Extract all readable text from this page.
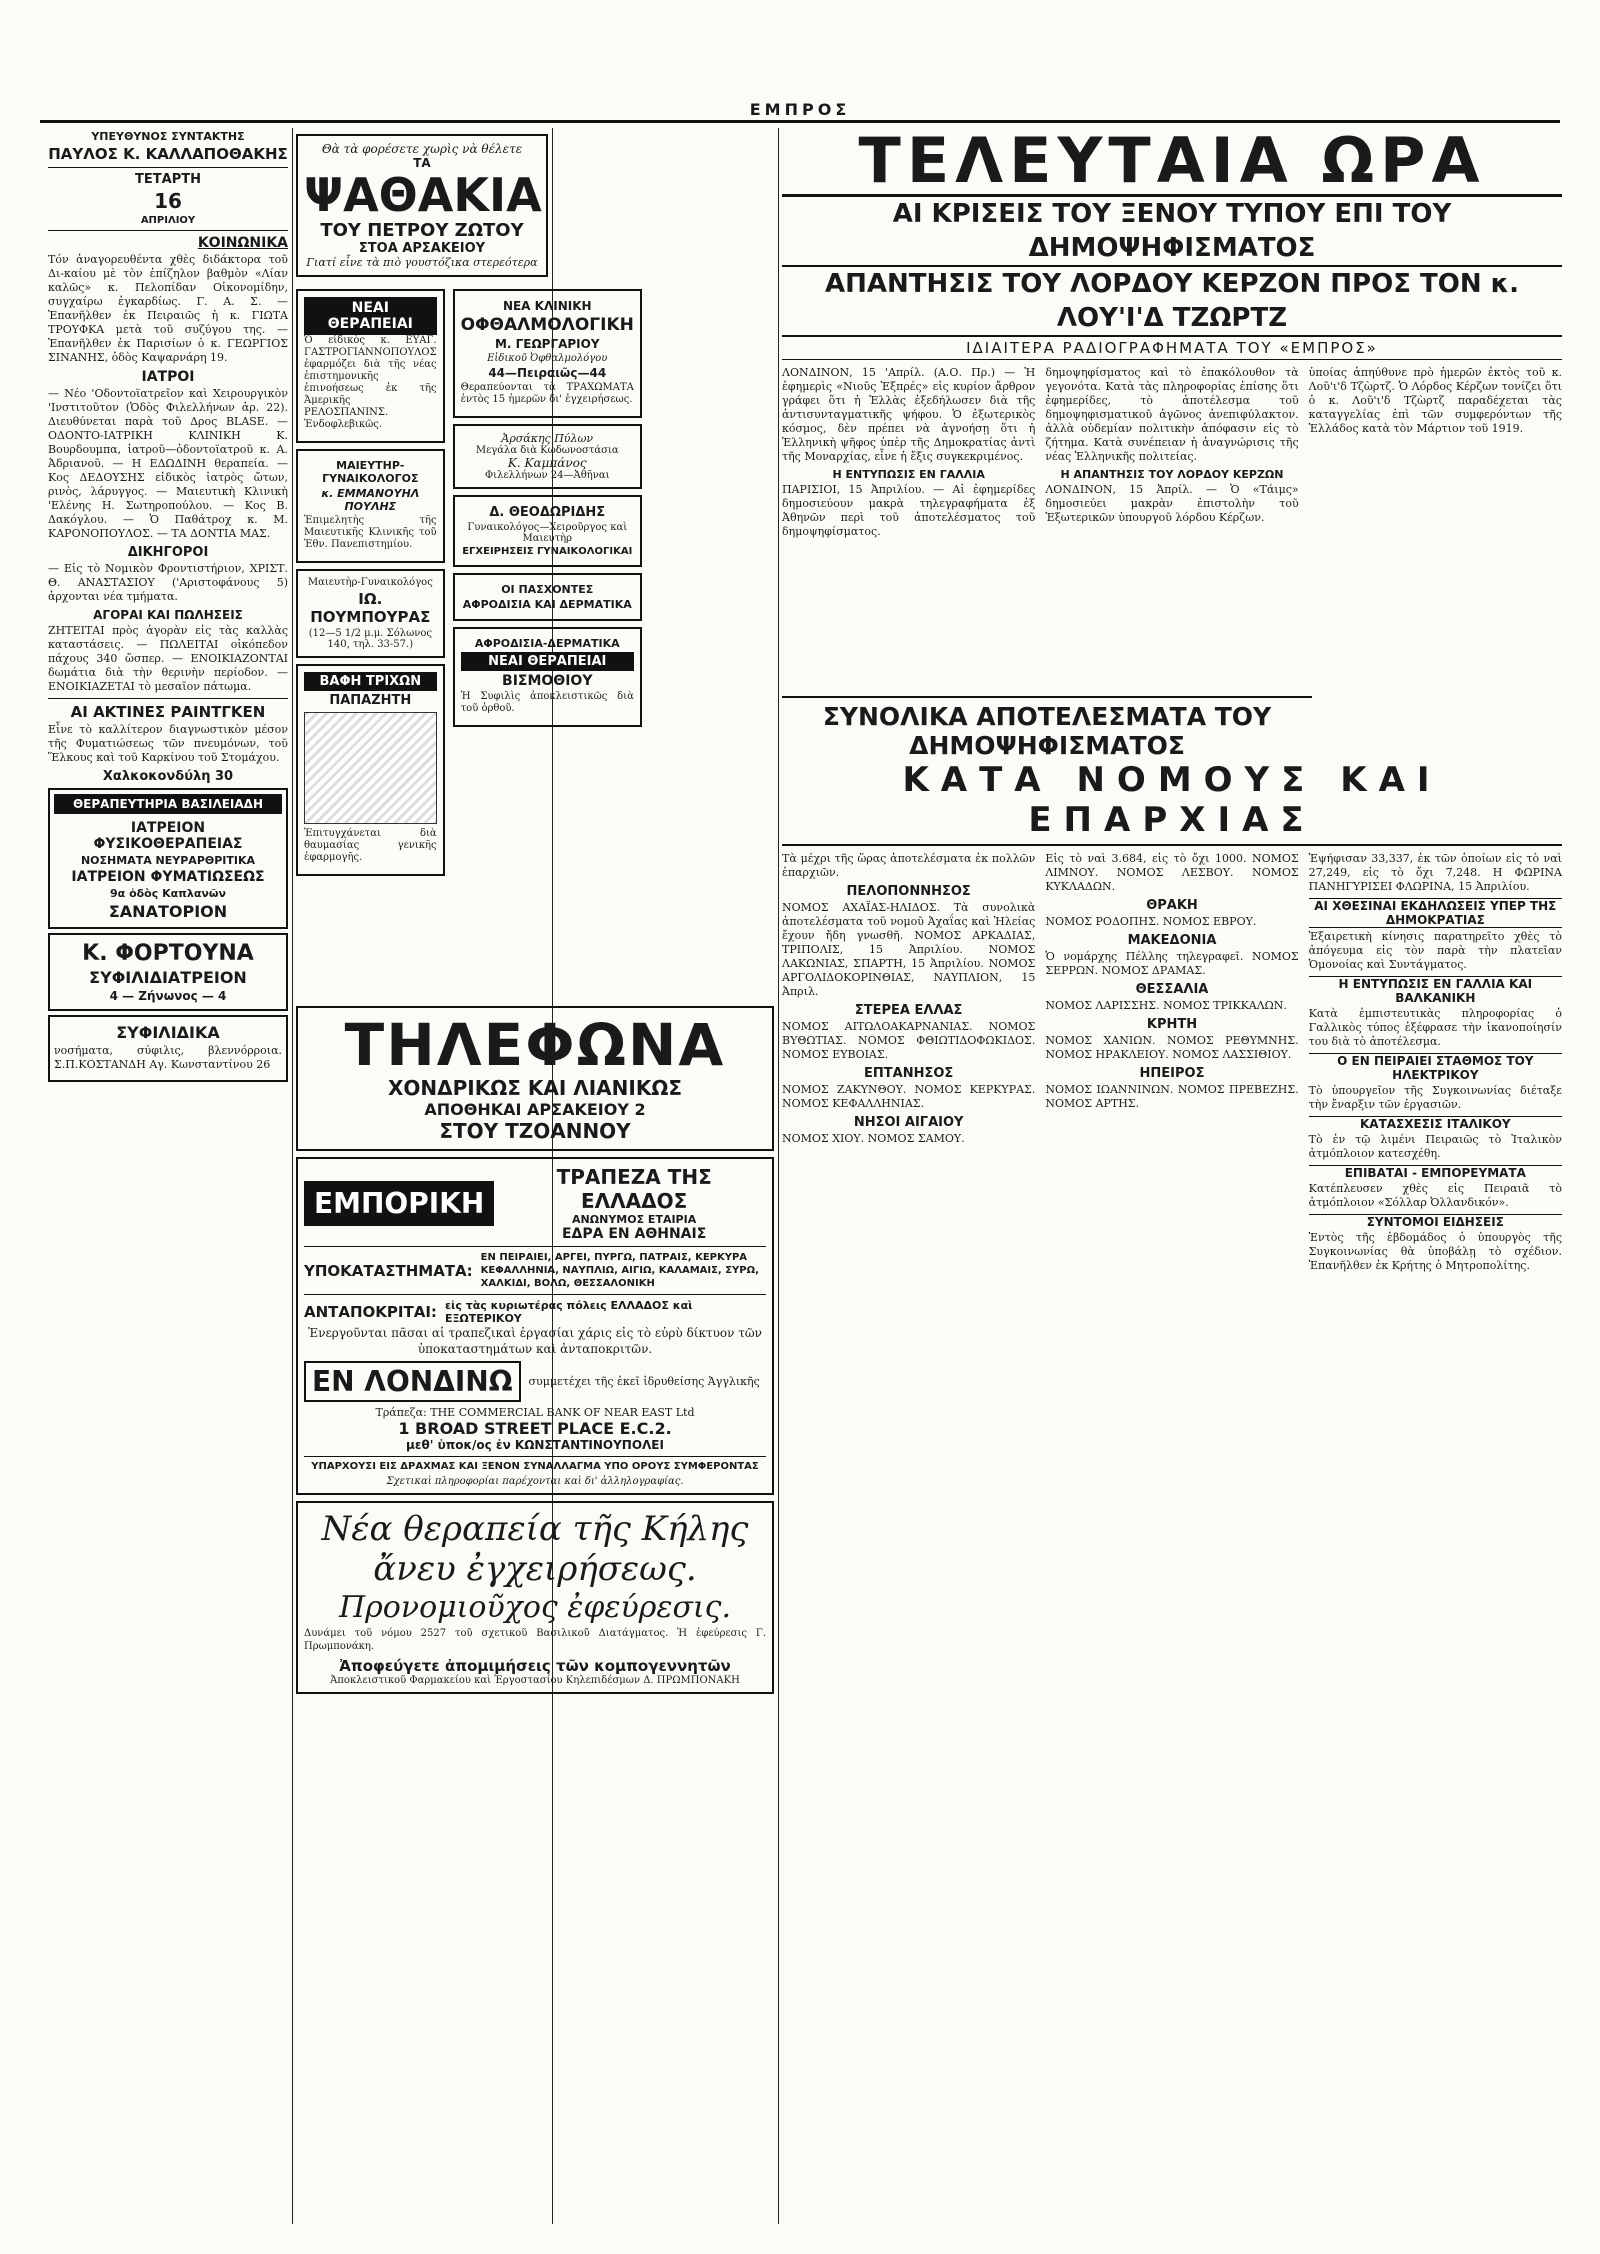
ΕΜΠΡΟΣ
ΥΠΕΥΘΥΝΟΣ ΣΥΝΤΑΚΤΗΣ
ΠΑΥΛΟΣ Κ. ΚΑΛΛΑΠΟΘΑΚΗΣ
ΤΕΤΑΡΤΗ
16
ΑΠΡΙΛΙΟΥ
ΚΟΙΝΩΝΙΚΑ

Τόν ἀναγορευθέντα χθὲς διδάκτορα τοῦ Δι-καίου μὲ τὸν ἐπίζηλον βαθμὸν «Λίαν καλῶς» κ. Πελοπίδαν Οἰκονομίδην, συγχαίρω ἐγκαρδίως. Γ. Α. Σ. — Ἐπανῆλθεν ἐκ Πειραιῶς ἡ κ. ΓΙΩΤΑ ΤΡΟΥΦΚΑ μετὰ τοῦ συζύγου της. — Ἐπανῆλθεν ἐκ Παρισίων ὁ κ. ΓΕΩΡΓΙΟΣ ΣΙΝΑΝΗΣ, ὁδὸς Καψαρνάρη 19.

ΙΑΤΡΟΙ

— Νέο 'Οδοντοϊατρεῖον καὶ Χειρουργικὸν 'Ινστιτοῦτον (Ὁδὸς Φιλελλήνων ἀρ. 22). Διευθύνεται παρὰ τοῦ Δρος BLASE. — ΟΔΟΝΤΟ-ΙΑΤΡΙΚΗ ΚΛΙΝΙΚΗ Κ. Βουρδουμπα, ἰατροῦ—ὀδοντοϊατροῦ κ. Α. Ἀδριανοῦ. — Η ΕΔΩΔΙΝΗ θεραπεία. — Κος ΔΕΔΟΥΣΗΣ εἰδικὸς ἰατρὸς ὤτων, ρινὸς, λάρυγγος. — Μαιευτικὴ Κλινικὴ 'Ελένης Η. Σωτηροπούλου. — Κος Β. Δακόγλου. — Ὁ Παθάτροχ κ. Μ. ΚΑΡΟΝΟΠΟΥΛΟΣ. — ΤΑ ΔΟΝΤΙΑ ΜΑΣ.

ΔΙΚΗΓΟΡΟΙ

— Εἰς τὸ Νομικὸν Φροντιστήριον, ΧΡΙΣΤ. Θ. ΑΝΑΣΤΑΣΙΟΥ ('Αριστοφάνους 5) ἀρχονται νέα τμήματα.

ΑΓΟΡΑΙ ΚΑΙ ΠΩΛΗΣΕΙΣ

ΖΗΤΕΙΤΑΙ πρὸς ἀγορὰν εἰς τὰς καλλὰς καταστάσεις. — ΠΩΛΕΙΤΑΙ οἰκόπεδον πάχους 340 ὥσπερ. — ΕΝΟΙΚΙΑΖΟΝΤΑΙ δωμάτια διὰ τὴν θερινὴν περίοδον. — ΕΝΟΙΚΙΑΖΕΤΑΙ τὸ μεσαῖον πάτωμα.

ΑΙ ΑΚΤΙΝΕΣ ΡΑΙΝΤΓΚΕΝ

Εἶνε τὸ καλλίτερον διαγνωστικὸν μέσον τῆς Φυματιώσεως τῶν πνευμόνων, τοῦ Ἕλκους καὶ τοῦ Καρκίνου τοῦ Στομάχου.

Χαλκοκονδύλη 30
ΘΕΡΑΠΕΥΤΗΡΙΑ ΒΑΣΙΛΕΙΑΔΗ
ΙΑΤΡΕΙΟΝ ΦΥΣΙΚΟΘΕΡΑΠΕΙΑΣ
ΝΟΣΗΜΑΤΑ ΝΕΥΡΑΡΘΡΙΤΙΚΑ
ΙΑΤΡΕΙΟΝ ΦΥΜΑΤΙΩΣΕΩΣ
9α ὁδὸς Καπλανῶν
ΣΑΝΑΤΟΡΙΟΝ
Κ. ΦΟΡΤΟΥΝΑ
ΣΥΦΙΛΙΔΙΑΤΡΕΙΟΝ
4 — Ζήνωνος — 4
ΣΥΦΙΛΙΔΙΚΑ

νοσήματα, σύφιλις, βλεννόρροια. Σ.Π.ΚΟΣΤΑΝΔΗ Αγ. Κωνσταντίνου 26

Θὰ τὰ φορέσετε χωρὶς νὰ θέλετε
ΤΑ
ΨΑΘΑΚΙΑ
ΤΟΥ ΠΕΤΡΟΥ ΖΩΤΟΥ
ΣΤΟΑ ΑΡΣΑΚΕΙΟΥ
Γιατί εἶνε τὰ πιὸ γουστόζικα στερεότερα
ΝΕΑΙ ΘΕΡΑΠΕΙΑΙ

Ὁ εἰδικὸς κ. ΕΥΑΓ. ΓΑΣΤΡΟΓΙΑΝΝΟΠΟΥΛΟΣ ἐφαρμόζει διὰ τῆς νέας ἐπιστημονικῆς ἐπινοήσεως ἐκ τῆς Ἀμερικῆς ΡΕΛΟΣΠΑΝΙΝΣ. Ἐνδοφλεβικῶς.

ΜΑΙΕΥΤΗΡ-ΓΥΝΑΙΚΟΛΟΓΟΣ
κ. ΕΜΜΑΝΟΥΗΛ ΠΟΥΛΗΣ

Ἐπιμελητὴς τῆς Μαιευτικῆς Κλινικῆς τοῦ Ἐθν. Πανεπιστημίου.

Μαιευτὴρ-Γυναικολόγος
ΙΩ. ΠΟΥΜΠΟΥΡΑΣ
(12—5 1/2 μ.μ. Σόλωνος 140, τηλ. 33-57.)
ΒΑΦΗ ΤΡΙΧΩΝ
ΠΑΠΑΖΗΤΗ

Ἐπιτυγχάνεται διὰ θαυμασίας γενικῆς ἐφαρμογῆς.

ΝΕΑ ΚΛΙΝΙΚΗ
ΟΦΘΑΛΜΟΛΟΓΙΚΗ
Μ. ΓΕΩΡΓΑΡΙΟΥ
Εἰδικοῦ Ὀφθαλμολόγου
44—Πειραιῶς—44

Θεραπεύονται τὰ ΤΡΑΧΩΜΑΤΑ ἐντὸς 15 ἡμερῶν δι' ἐγχειρήσεως.

Ἀρσάκης Πύλων
Μεγάλα διὰ Κωδωνοστάσια
Κ. Καμπάνος
Φιλελλήνων 24—Ἀθῆναι
Δ. ΘΕΟΔΩΡΙΔΗΣ
Γυναικολόγος—Χειροῦργος καὶ Μαιευτὴρ
ΕΓΧΕΙΡΗΣΕΙΣ ΓΥΝΑΙΚΟΛΟΓΙΚΑΙ
ΟΙ ΠΑΣΧΟΝΤΕΣ
ΑΦΡΟΔΙΣΙΑ ΚΑΙ ΔΕΡΜΑΤΙΚΑ
ΑΦΡΟΔΙΣΙΑ-ΔΕΡΜΑΤΙΚΑ
ΝΕΑΙ ΘΕΡΑΠΕΙΑΙ
ΒΙΣΜΟΘΙΟΥ

Ἡ Συφιλὶς ἀποκλειστικῶς διὰ τοῦ ὀρθοῦ.

ΤΗΛΕΦΩΝΑ
ΧΟΝΔΡΙΚΩΣ ΚΑΙ ΛΙΑΝΙΚΩΣ
ΑΠΟΘΗΚΑΙ ΑΡΣΑΚΕΙΟΥ 2
ΣΤΟΥ ΤΖΟΑΝΝΟΥ
ΕΜΠΟΡΙΚΗ
ΤΡΑΠΕΖΑ ΤΗΣ ΕΛΛΑΔΟΣ
ΑΝΩΝΥΜΟΣ ΕΤΑΙΡΙΑ
ΕΔΡΑ ΕΝ ΑΘΗΝΑΙΣ
ΥΠΟΚΑΤΑΣΤΗΜΑΤΑ:
ΕΝ ΠΕΙΡΑΙΕΙ, ΑΡΓΕΙ, ΠΥΡΓΩ, ΠΑΤΡΑΙΣ, ΚΕΡΚΥΡΑ ΚΕΦΑΛΛΗΝΙΑ, ΝΑΥΠΛΙΩ, ΑΙΓΙΩ, ΚΑΛΑΜΑΙΣ, ΣΥΡΩ, ΧΑΛΚΙΔΙ, ΒΟΛΩ, ΘΕΣΣΑΛΟΝΙΚΗ
ΑΝΤΑΠΟΚΡΙΤΑΙ: εἰς τὰς κυριωτέρας πόλεις ΕΛΛΑΔΟΣ καὶ ΕΞΩΤΕΡΙΚΟΥ

Ἐνεργοῦνται πᾶσαι αἱ τραπεζικαὶ ἐργασίαι χάρις εἰς τὸ εὐρὺ δίκτυον τῶν ὑποκαταστημάτων καὶ ἀνταποκριτῶν.

ΕΝ ΛΟΝΔΙΝΩ	συμμετέχει τῆς ἐκεῖ ἱδρυθείσης Ἀγγλικῆς
Τράπεζα: THE COMMERCIAL BANK OF NEAR EAST Ltd
1 BROAD STREET PLACE E.C.2.
μεθ' ὑποκ/ος ἐν ΚΩΝΣΤΑΝΤΙΝΟΥΠΟΛΕΙ
ΥΠΑΡΧΟΥΣΙ ΕΙΣ ΔΡΑΧΜΑΣ ΚΑΙ ΞΕΝΟΝ ΣΥΝΑΛΛΑΓΜΑ ΥΠΟ ΟΡΟΥΣ ΣΥΜΦΕΡΟΝΤΑΣ
Σχετικαὶ πληροφορίαι παρέχονται καὶ δι' ἀλληλογραφίας.
Νέα θεραπεία τῆς Κήλης
ἄνευ ἐγχειρήσεως.
Προνομιοῦχος ἐφεύρεσις.

Δυνάμει τοῦ νόμου 2527 τοῦ σχετικοῦ Βασιλικοῦ Διατάγματος. Ἡ ἐφεύρεσις Γ. Πρωμπονάκη.

Ἀποφεύγετε ἀπομιμήσεις τῶν κομπογεννητῶν
Ἀποκλειστικοῦ Φαρμακείου καὶ Ἐργοστασίου Κηλεπιδέσμων Δ. ΠΡΩΜΠΟΝΑΚΗ
ΤΕΛΕΥΤΑΙΑ ΩΡΑ
ΑΙ ΚΡΙΣΕΙΣ ΤΟΥ ΞΕΝΟΥ ΤΥΠΟΥ ΕΠΙ ΤΟΥ ΔΗΜΟΨΗΦΙΣΜΑΤΟΣ
ΑΠΑΝΤΗΣΙΣ ΤΟΥ ΛΟΡΔΟΥ ΚΕΡΖΟΝ ΠΡΟΣ ΤΟΝ κ. ΛΟΥ'Ι'Δ ΤΖΩΡΤΖ
ΙΔΙΑΙΤΕΡΑ ΡΑΔΙΟΓΡΑΦΗΜΑΤΑ ΤΟΥ «ΕΜΠΡΟΣ»

ΛΟΝΔΙΝΟΝ, 15 'Απρίλ. (Α.Ο. Πρ.) — Ἡ ἐφημερὶς «Νιοῦς Ἐξπρές» εἰς κυρίον ἄρθρον γράφει ὅτι ἡ Ἑλλὰς ἐξεδήλωσεν διὰ τῆς ἀντισυνταγματικῆς ψήφου. Ὁ ἐξωτερικὸς κόσμος, δὲν πρέπει νὰ ἀγνοήσῃ ὅτι ἡ Ἑλληνικὴ ψῆφος ὑπὲρ τῆς Δημοκρατίας ἀντὶ τῆς Μοναρχίας, εἶνε ἡ ἔξις συγκεκριμένος.

Η ΕΝΤΥΠΩΣΙΣ ΕΝ ΓΑΛΛΙΑ

ΠΑΡΙΣΙΟΙ, 15 Ἀπριλίου. — Αἱ ἐφημερίδες δημοσιεύουν μακρὰ τηλεγραφήματα ἐξ Ἀθηνῶν περὶ τοῦ ἀποτελέσματος τοῦ δημοψηφίσματος.

δημοψηφίσματος καὶ τὸ ἐπακόλουθον τὰ γεγονότα. Κατὰ τὰς πληροφορίας ἐπίσης ὅτι ἐφημερίδες, τὸ ἀποτέλεσμα τοῦ δημοψηφισματικοῦ ἀγῶνος ἀνεπιφύλακτον. ἀλλὰ οὐδεμίαν πολιτικὴν ἀπόφασιν εἰς τὸ ζήτημα. Κατὰ συνέπειαν ἡ ἀναγνώρισις τῆς νέας Ἑλληνικῆς πολιτείας.

Η ΑΠΑΝΤΗΣΙΣ ΤΟΥ ΛΟΡΔΟΥ ΚΕΡΖΩΝ

ΛΟΝΔΙΝΟΝ, 15 Ἀπρίλ. — Ὁ «Τάιμς» δημοσιεύει μακρὰν ἐπιστολὴν τοῦ Ἐξωτερικῶν ὑπουργοῦ λόρδου Κέρζων.

ὑποίας ἀπηύθυνε πρὸ ἡμερῶν ἐκτὸς τοῦ κ. Λοῦ'ι'δ Τζὼρτζ. Ὁ Λόρδος Κέρζων τονίζει ὅτι ὁ κ. Λοῦ'ι'δ Τζὼρτζ παραδέχεται τὰς καταγγελίας ἐπὶ τῶν συμφερόντων τῆς Ἑλλάδος κατὰ τὸν Μάρτιον τοῦ 1919.

ΣΥΝΟΛΙΚΑ ΑΠΟΤΕΛΕΣΜΑΤΑ ΤΟΥ ΔΗΜΟΨΗΦΙΣΜΑΤΟΣ
ΚΑΤΑ ΝΟΜΟΥΣ ΚΑΙ ΕΠΑΡΧΙΑΣ

Τὰ μέχρι τῆς ὥρας ἀποτελέσματα ἐκ πολλῶν ἐπαρχιῶν.

ΠΕΛΟΠΟΝΝΗΣΟΣ

ΝΟΜΟΣ ΑΧΑΪΑΣ-ΗΛΙΔΟΣ. Τὰ συνολικὰ ἀποτελέσματα τοῦ νομοῦ Ἀχαΐας καὶ Ἠλείας ἔχουν ἤδη γνωσθῆ. ΝΟΜΟΣ ΑΡΚΑΔΙΑΣ, ΤΡΙΠΟΛΙΣ, 15 Ἀπριλίου. ΝΟΜΟΣ ΛΑΚΩΝΙΑΣ, ΣΠΑΡΤΗ, 15 Ἀπριλίου. ΝΟΜΟΣ ΑΡΓΟΛΙΔΟΚΟΡΙΝΘΙΑΣ, ΝΑΥΠΛΙΟΝ, 15 Ἀπριλ.

ΣΤΕΡΕΑ ΕΛΛΑΣ

ΝΟΜΟΣ ΑΙΤΩΛΟΑΚΑΡΝΑΝΙΑΣ. ΝΟΜΟΣ ΒΥΘΩΤΙΑΣ. ΝΟΜΟΣ ΦΘΙΩΤΙΔΟΦΩΚΙΔΟΣ. ΝΟΜΟΣ ΕΥΒΟΙΑΣ.

ΕΠΤΑΝΗΣΟΣ

ΝΟΜΟΣ ΖΑΚΥΝΘΟΥ. ΝΟΜΟΣ ΚΕΡΚΥΡΑΣ. ΝΟΜΟΣ ΚΕΦΑΛΛΗΝΙΑΣ.

ΝΗΣΟΙ ΑΙΓΑΙΟΥ

ΝΟΜΟΣ ΧΙΟΥ. ΝΟΜΟΣ ΣΑΜΟΥ.

Εἰς τὸ ναὶ 3.684, εἰς τὸ ὄχι 1000. ΝΟΜΟΣ ΛΙΜΝΟΥ. ΝΟΜΟΣ ΛΕΣΒΟΥ. ΝΟΜΟΣ ΚΥΚΛΑΔΩΝ.

ΘΡΑΚΗ

ΝΟΜΟΣ ΡΟΔΟΠΗΣ. ΝΟΜΟΣ ΕΒΡΟΥ.

ΜΑΚΕΔΟΝΙΑ

Ὁ νομάρχης Πέλλης τηλεγραφεῖ. ΝΟΜΟΣ ΣΕΡΡΩΝ. ΝΟΜΟΣ ΔΡΑΜΑΣ.

ΘΕΣΣΑΛΙΑ

ΝΟΜΟΣ ΛΑΡΙΣΣΗΣ. ΝΟΜΟΣ ΤΡΙΚΚΑΛΩΝ.

ΚΡΗΤΗ

ΝΟΜΟΣ ΧΑΝΙΩΝ. ΝΟΜΟΣ ΡΕΘΥΜΝΗΣ. ΝΟΜΟΣ ΗΡΑΚΛΕΙΟΥ. ΝΟΜΟΣ ΛΑΣΣΙΘΙΟΥ.

ΗΠΕΙΡΟΣ

ΝΟΜΟΣ ΙΩΑΝΝΙΝΩΝ. ΝΟΜΟΣ ΠΡΕΒΕΖΗΣ. ΝΟΜΟΣ ΑΡΤΗΣ.

Ἐψήφισαν 33,337, ἐκ τῶν ὁποίων εἰς τὸ ναὶ 27,249, εἰς τὸ ὄχι 7,248. Η ΦΩΡΙΝΑ ΠΑΝΗΓΥΡΙΣΕΙ ΦΛΩΡΙΝΑ, 15 Ἀπριλίου.

ΑΙ ΧΘΕΣΙΝΑΙ ΕΚΔΗΛΩΣΕΙΣ ΥΠΕΡ ΤΗΣ ΔΗΜΟΚΡΑΤΙΑΣ

Ἐξαιρετικὴ κίνησις παρατηρεῖτο χθὲς τὸ ἀπόγευμα εἰς τὸν παρὰ τὴν πλατεῖαν Ὁμονοίας καὶ Συντάγματος.

Η ΕΝΤΥΠΩΣΙΣ ΕΝ ΓΑΛΛΙΑ ΚΑΙ ΒΑΛΚΑΝΙΚΗ

Κατὰ ἐμπιστευτικὰς πληροφορίας ὁ Γαλλικὸς τύπος ἐξέφρασε τὴν ἱκανοποίησίν του διὰ τὸ ἀποτέλεσμα.

Ο ΕΝ ΠΕΙΡΑΙΕΙ ΣΤΑΘΜΟΣ ΤΟΥ ΗΛΕΚΤΡΙΚΟΥ

Τὸ ὑπουργεῖον τῆς Συγκοινωνίας διέταξε τὴν ἔναρξιν τῶν ἐργασιῶν.

ΚΑΤΑΣΧΕΣΙΣ ΙΤΑΛΙΚΟΥ

Τὸ ἐν τῷ λιμένι Πειραιῶς τὸ Ἰταλικὸν ἀτμόπλοιον κατεσχέθη.

ΕΠΙΒΑΤΑΙ - ΕΜΠΟΡΕΥΜΑΤΑ

Κατέπλευσεν χθὲς εἰς Πειραιᾶ τὸ ἀτμόπλοιον «Σόλλαρ Ὀλλανδικόν».

ΣΥΝΤΟΜΟΙ ΕΙΔΗΣΕΙΣ

Ἐντὸς τῆς ἑβδομάδος ὁ ὑπουργὸς τῆς Συγκοινωνίας θὰ ὑποβάλῃ τὸ σχέδιον. Ἐπανῆλθεν ἐκ Κρήτης ὁ Μητροπολίτης.
